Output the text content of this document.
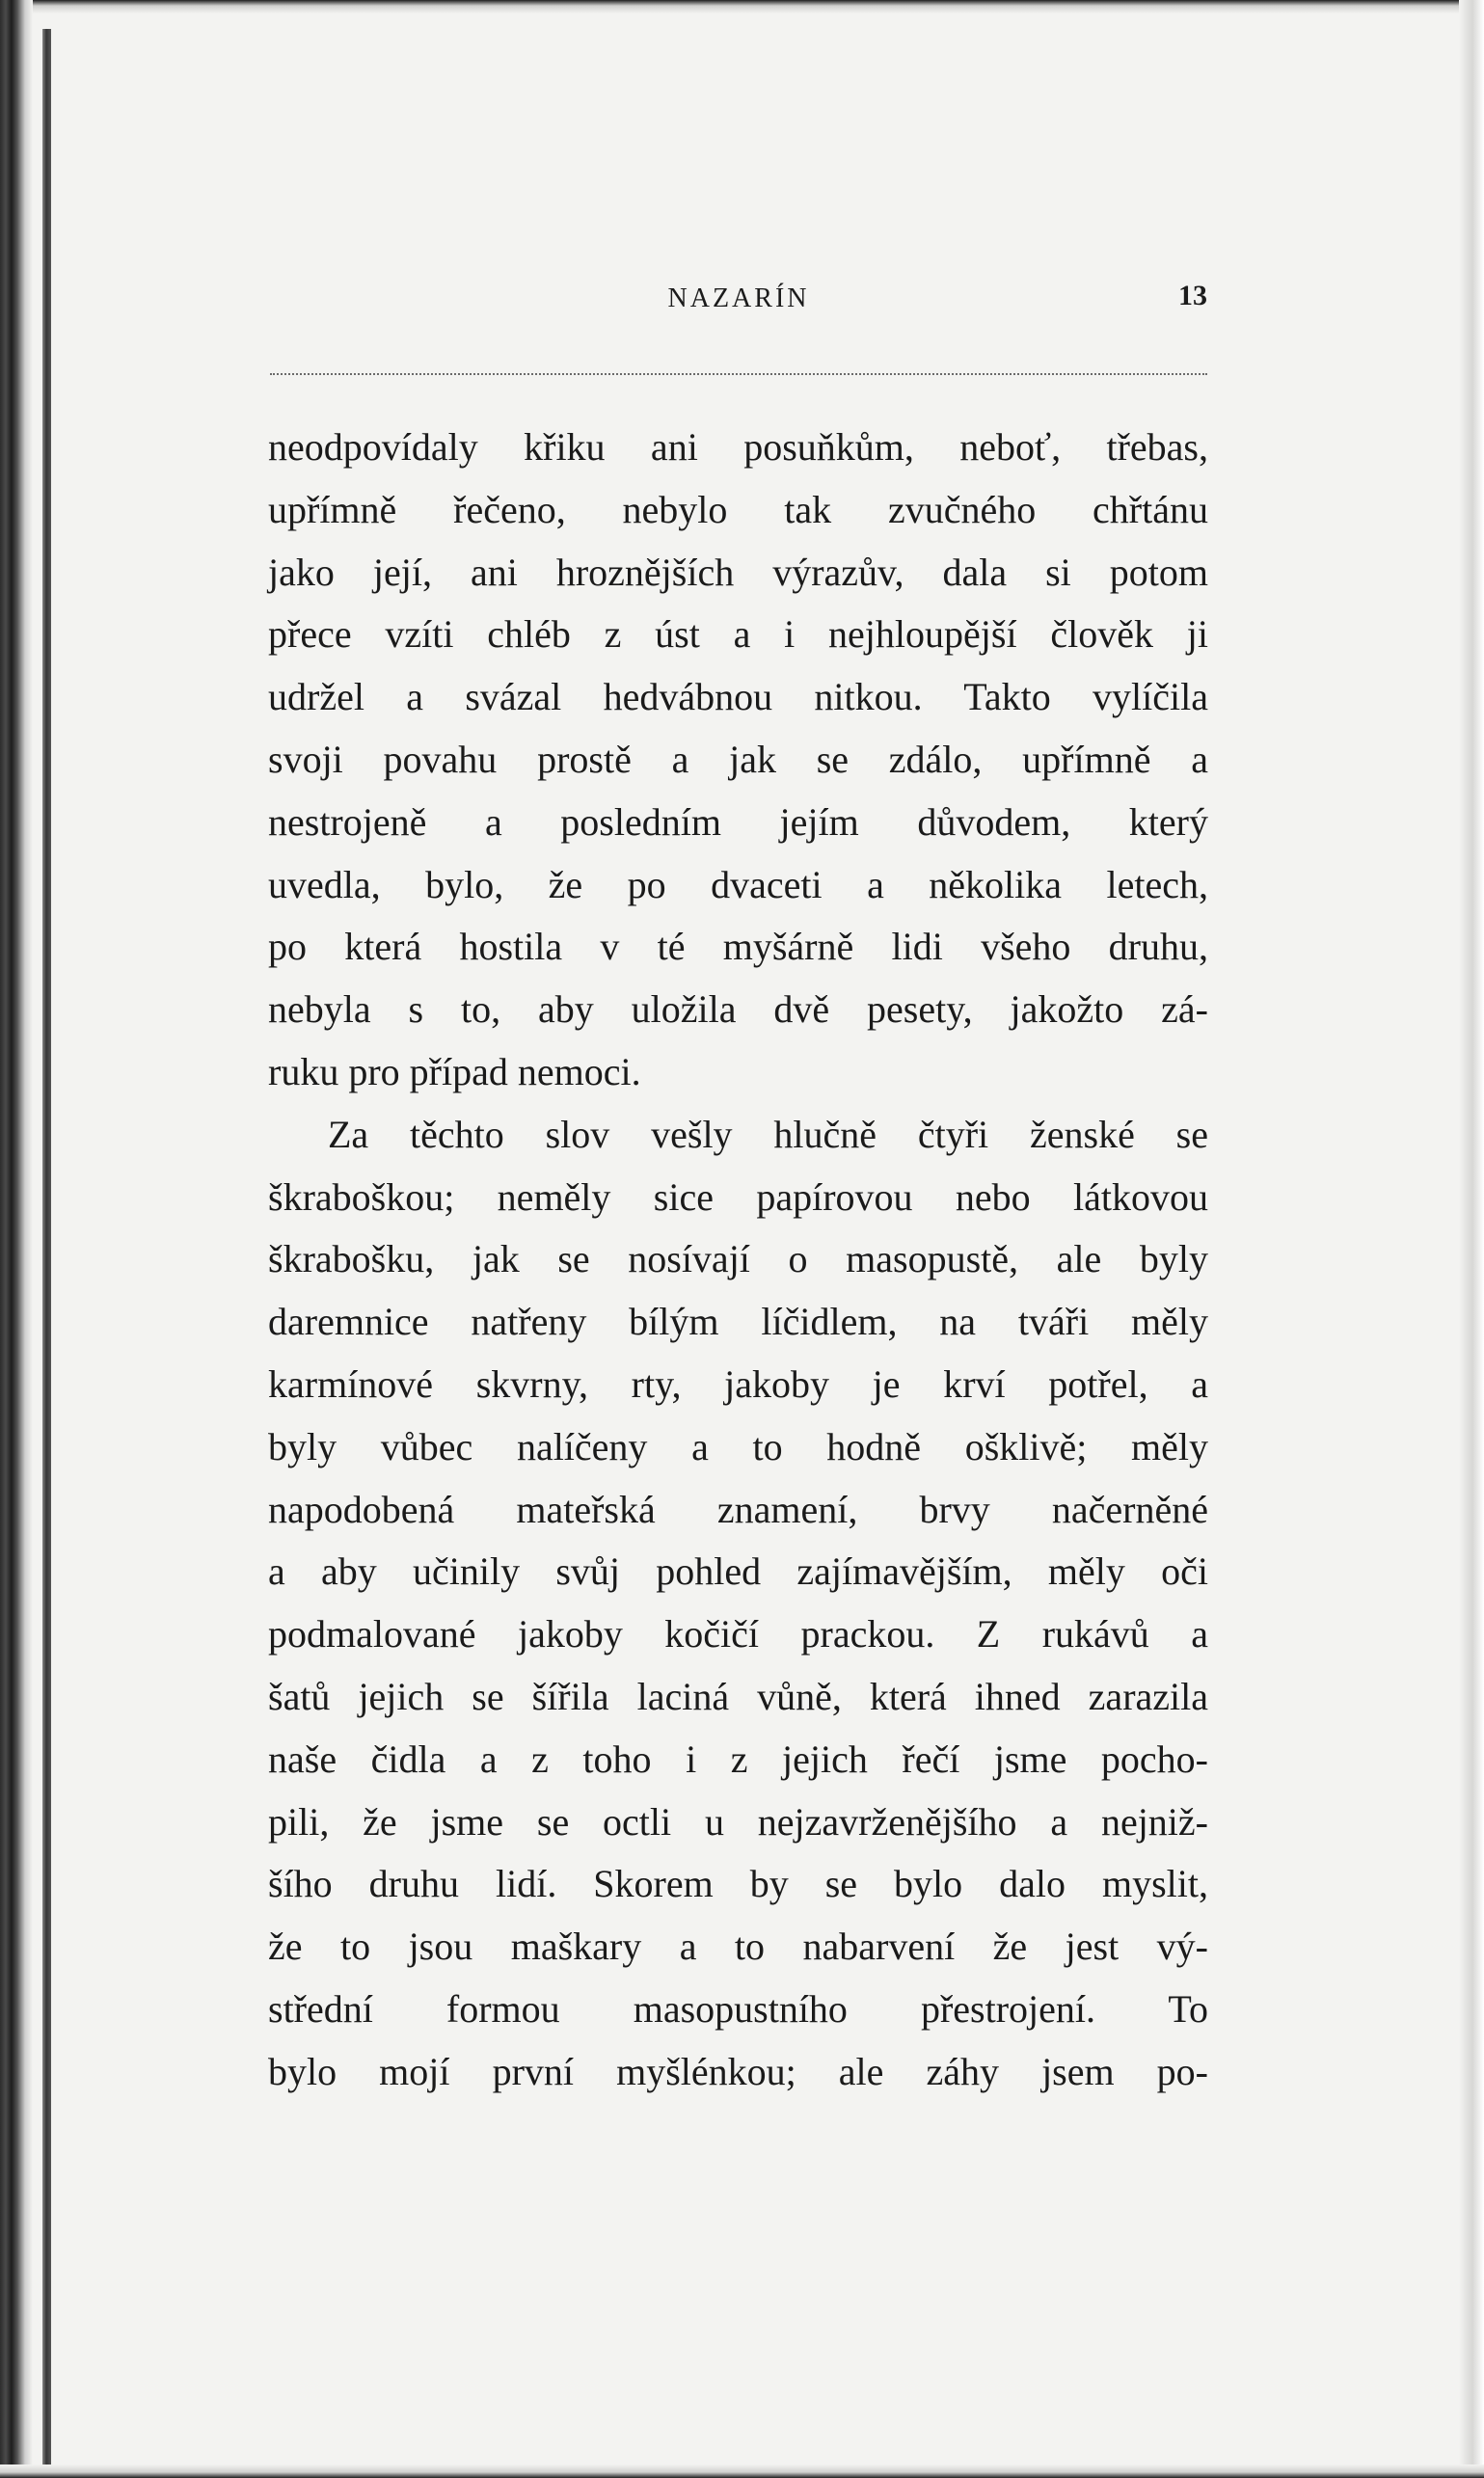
NAZARÍN	13
neodpovídaly křiku ani posuňkům, neboť, třebas,
upřímně řečeno, nebylo tak zvučného chřtánu
jako její, ani hroznějších výrazův, dala si potom
přece vzíti chléb z úst a i nejhloupější člověk ji
udržel a svázal hedvábnou nitkou. Takto vylíčila
svoji povahu prostě a jak se zdálo, upřímně a
nestrojeně a posledním jejím důvodem, který
uvedla, bylo, že po dvaceti a několika letech,
po která hostila v té myšárně lidi všeho druhu,
nebyla s to, aby uložila dvě pesety, jakožto zá-
ruku pro případ nemoci.
Za těchto slov vešly hlučně čtyři ženské se
škraboškou; neměly sice papírovou nebo látkovou
škrabošku, jak se nosívají o masopustě, ale byly
daremnice natřeny bílým líčidlem, na tváři měly
karmínové skvrny, rty, jakoby je krví potřel, a
byly vůbec nalíčeny a to hodně ošklivě; měly
napodobená mateřská znamení, brvy načerněné
a aby učinily svůj pohled zajímavějším, měly oči
podmalované jakoby kočičí prackou. Z rukávů a
šatů jejich se šířila laciná vůně, která ihned zarazila
naše čidla a z toho i z jejich řečí jsme pocho-
pili, že jsme se octli u nejzavrženějšího a nejniž-
šího druhu lidí. Skorem by se bylo dalo myslit,
že to jsou maškary a to nabarvení že jest vý-
střední formou masopustního přestrojení. To
bylo mojí první myšlénkou; ale záhy jsem po-
